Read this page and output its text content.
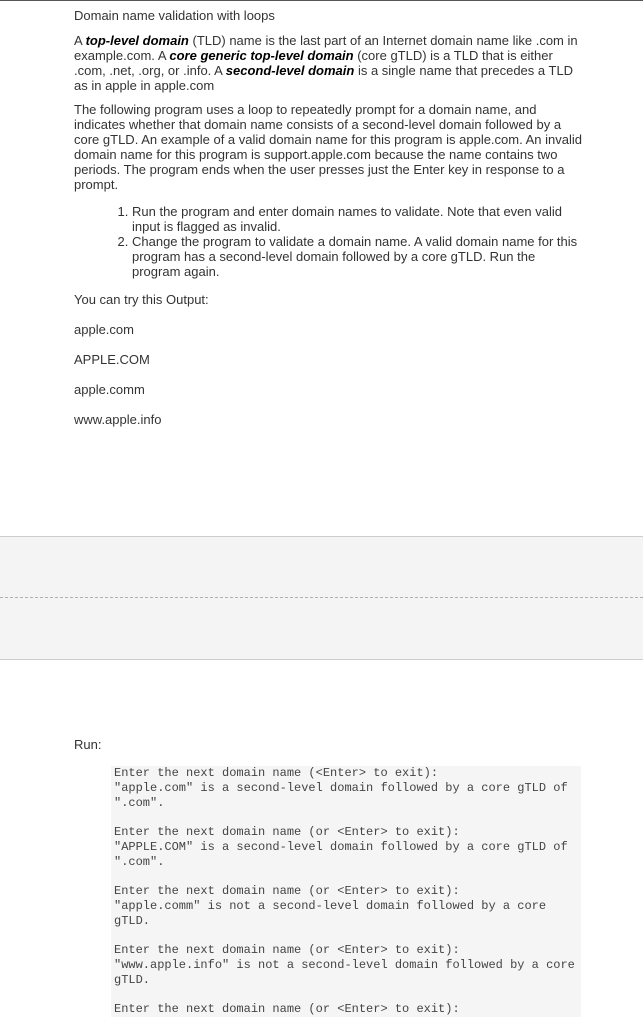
Domain name validation with loops

A top-level domain (TLD) name is the last part of an Internet domain name like .com in example.com. A core generic top-level domain (core gTLD) is a TLD that is either .com, .net, .org, or .info. A second-level domain is a single name that precedes a TLD as in apple in apple.com

The following program uses a loop to repeatedly prompt for a domain name, and indicates whether that domain name consists of a second-level domain followed by a core gTLD. An example of a valid domain name for this program is apple.com. An invalid domain name for this program is support.apple.com because the name contains two periods. The program ends when the user presses just the Enter key in response to a prompt.

1. Run the program and enter domain names to validate. Note that even valid input is flagged as invalid.
2. Change the program to validate a domain name. A valid domain name for this program has a second-level domain followed by a core gTLD. Run the program again.
You can try this Output:
apple.com
APPLE.COM
apple.comm
www.apple.info
Run:
Enter the next domain name (<Enter> to exit):
"apple.com" is a second-level domain followed by a core gTLD of ".com".
Enter the next domain name (or <Enter> to exit):
"APPLE.COM" is a second-level domain followed by a core gTLD of ".com".
Enter the next domain name (or <Enter> to exit):
"apple.comm" is not a second-level domain followed by a core gTLD.
Enter the next domain name (or <Enter> to exit):
"www.apple.info" is not a second-level domain followed by a core gTLD.
Enter the next domain name (or <Enter> to exit):
